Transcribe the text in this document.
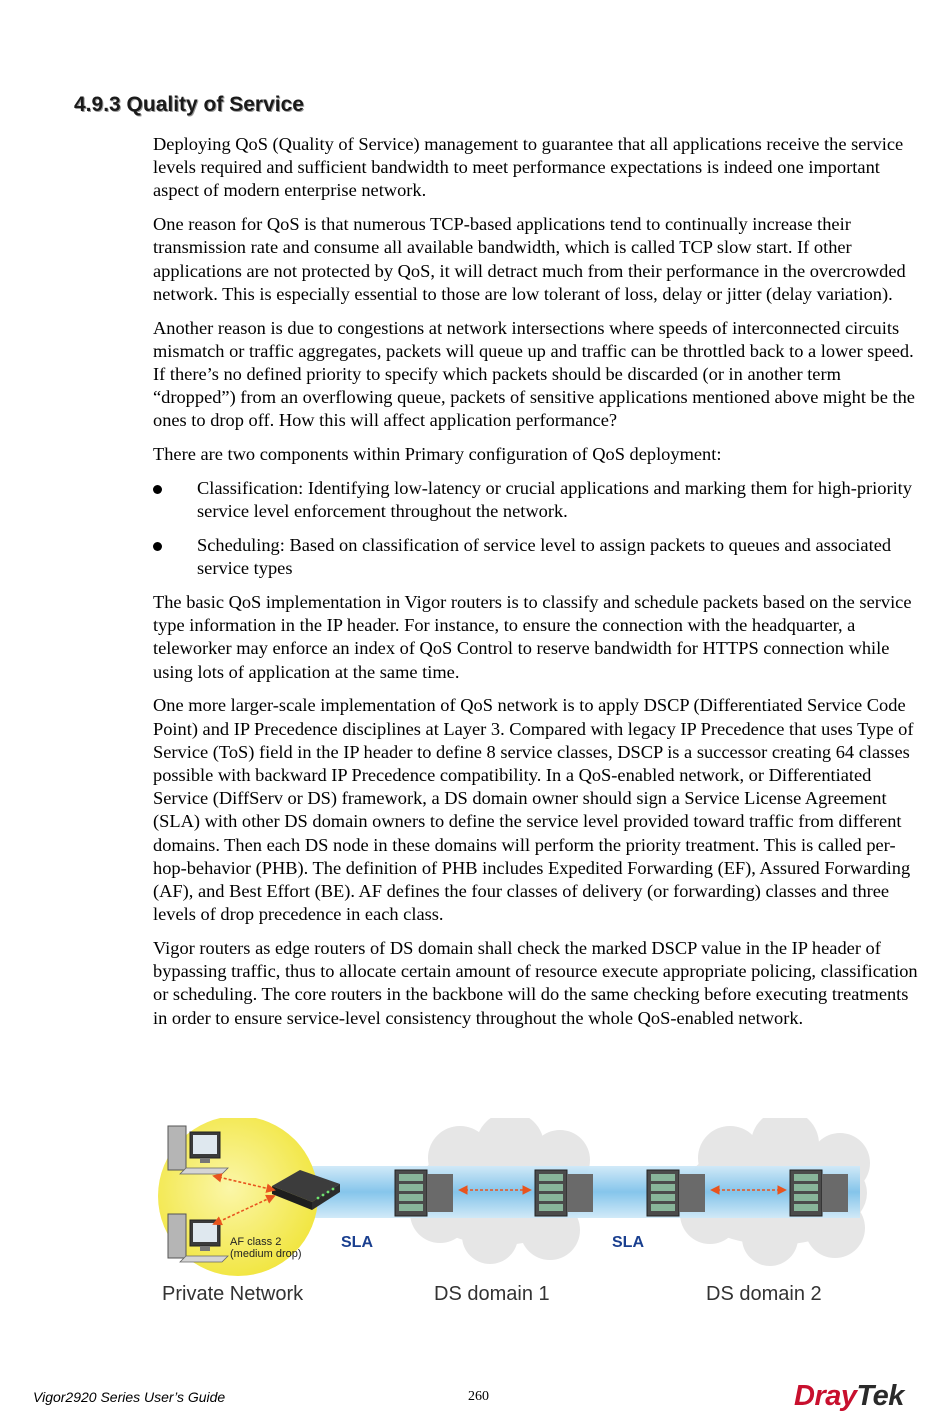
4.9.3 Quality of Service

Deploying QoS (Quality of Service) management to guarantee that all applications receive the service levels required and sufficient bandwidth to meet performance expectations is indeed one important aspect of modern enterprise network.

One reason for QoS is that numerous TCP-based applications tend to continually increase their transmission rate and consume all available bandwidth, which is called TCP slow start. If other applications are not protected by QoS, it will detract much from their performance in the overcrowded network. This is especially essential to those are low tolerant of loss, delay or jitter (delay variation).

Another reason is due to congestions at network intersections where speeds of interconnected circuits mismatch or traffic aggregates, packets will queue up and traffic can be throttled back to a lower speed. If there’s no defined priority to specify which packets should be discarded (or in another term “dropped”) from an overflowing queue, packets of sensitive applications mentioned above might be the ones to drop off. How this will affect application performance?

There are two components within Primary configuration of QoS deployment:

Classification: Identifying low-latency or crucial applications and marking them for high-priority service level enforcement throughout the network.
Scheduling: Based on classification of service level to assign packets to queues and associated service types

The basic QoS implementation in Vigor routers is to classify and schedule packets based on the service type information in the IP header. For instance, to ensure the connection with the headquarter, a teleworker may enforce an index of QoS Control to reserve bandwidth for HTTPS connection while using lots of application at the same time.

One more larger-scale implementation of QoS network is to apply DSCP (Differentiated Service Code Point) and IP Precedence disciplines at Layer 3. Compared with legacy IP Precedence that uses Type of Service (ToS) field in the IP header to define 8 service classes, DSCP is a successor creating 64 classes possible with backward IP Precedence compatibility. In a QoS-enabled network, or Differentiated Service (DiffServ or DS) framework, a DS domain owner should sign a Service License Agreement (SLA) with other DS domain owners to define the service level provided toward traffic from different domains. Then each DS node in these domains will perform the priority treatment. This is called per-hop-behavior (PHB). The definition of PHB includes Expedited Forwarding (EF), Assured Forwarding (AF), and Best Effort (BE). AF defines the four classes of delivery (or forwarding) classes and three levels of drop precedence in each class.

Vigor routers as edge routers of DS domain shall check the marked DSCP value in the IP header of bypassing traffic, thus to allocate certain amount of resource execute appropriate policing, classification or scheduling. The core routers in the backbone will do the same checking before executing treatments in order to ensure service-level consistency throughout the whole QoS-enabled network.

AF class 2
(medium drop)
SLA	SLA
Private Network	DS domain 1	DS domain 2
Vigor2920 Series User’s Guide	260	DrayTek
